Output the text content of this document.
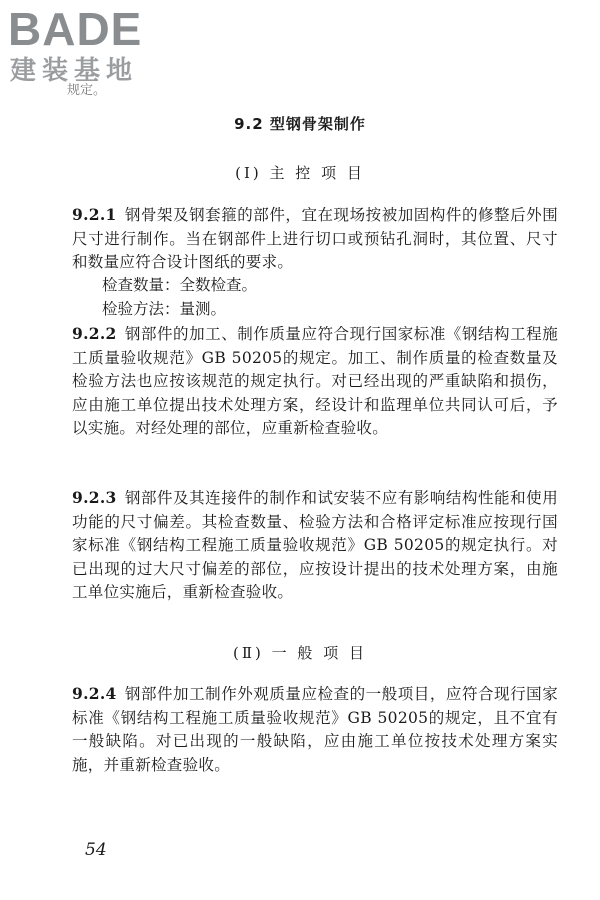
BADE
建装基地
规定。
9.2 型钢骨架制作
(Ⅰ) 主 控 项 目
9.2.1 钢骨架及钢套箍的部件，宜在现场按被加固构件的修整后外围尺寸进行制作。当在钢部件上进行切口或预钻孔洞时，其位置、尺寸和数量应符合设计图纸的要求。
检查数量：全数检查。
检验方法：量测。
9.2.2 钢部件的加工、制作质量应符合现行国家标准《钢结构工程施工质量验收规范》GB 50205的规定。加工、制作质量的检查数量及检验方法也应按该规范的规定执行。对已经出现的严重缺陷和损伤，应由施工单位提出技术处理方案，经设计和监理单位共同认可后，予以实施。对经处理的部位，应重新检查验收。
9.2.3 钢部件及其连接件的制作和试安装不应有影响结构性能和使用功能的尺寸偏差。其检查数量、检验方法和合格评定标准应按现行国家标准《钢结构工程施工质量验收规范》GB 50205的规定执行。对已出现的过大尺寸偏差的部位，应按设计提出的技术处理方案，由施工单位实施后，重新检查验收。
(Ⅱ) 一 般 项 目
9.2.4 钢部件加工制作外观质量应检查的一般项目，应符合现行国家标准《钢结构工程施工质量验收规范》GB 50205的规定，且不宜有一般缺陷。对已出现的一般缺陷，应由施工单位按技术处理方案实施，并重新检查验收。
54
